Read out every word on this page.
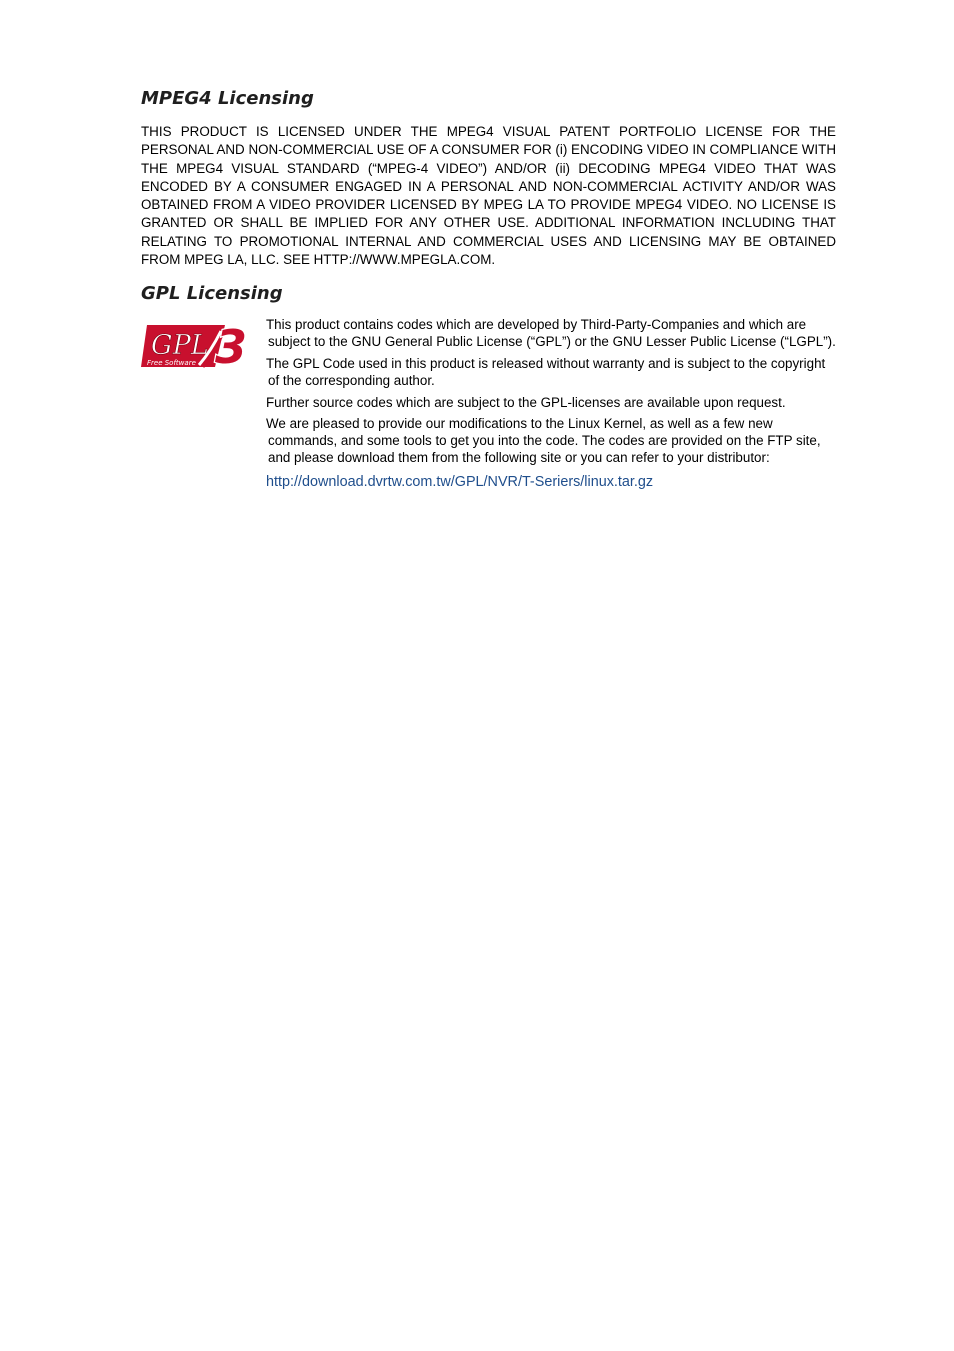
MPEG4 Licensing

THIS PRODUCT IS LICENSED UNDER THE MPEG4 VISUAL PATENT PORTFOLIO LICENSE FOR THE PERSONAL AND NON-COMMERCIAL USE OF A CONSUMER FOR (i) ENCODING VIDEO IN COMPLIANCE WITH THE MPEG4 VISUAL STANDARD (“MPEG-4 VIDEO”) AND/OR (ii) DECODING MPEG4 VIDEO THAT WAS ENCODED BY A CONSUMER ENGAGED IN A PERSONAL AND NON-COMMERCIAL ACTIVITY AND/OR WAS OBTAINED FROM A VIDEO PROVIDER LICENSED BY MPEG LA TO PROVIDE MPEG4 VIDEO. NO LICENSE IS GRANTED OR SHALL BE IMPLIED FOR ANY OTHER USE. ADDITIONAL INFORMATION INCLUDING THAT RELATING TO PROMOTIONAL INTERNAL AND COMMERCIAL USES AND LICENSING MAY BE OBTAINED FROM MPEG LA, LLC. SEE HTTP://WWW.MPEGLA.COM.

GPL Licensing
GPL
Free Software 3 This product contains codes which are developed by Third-Party-Companies and which are subject to the GNU General Public License (“GPL”) or the GNU Lesser Public License (“LGPL”).

The GPL Code used in this product is released without warranty and is subject to the copyright of the corresponding author.

Further source codes which are subject to the GPL-licenses are available upon request.

We are pleased to provide our modifications to the Linux Kernel, as well as a few new commands, and some tools to get you into the code. The codes are provided on the FTP site, and please download them from the following site or you can refer to your distributor:

http://download.dvrtw.com.tw/GPL/NVR/T-Seriers/linux.tar.gz
